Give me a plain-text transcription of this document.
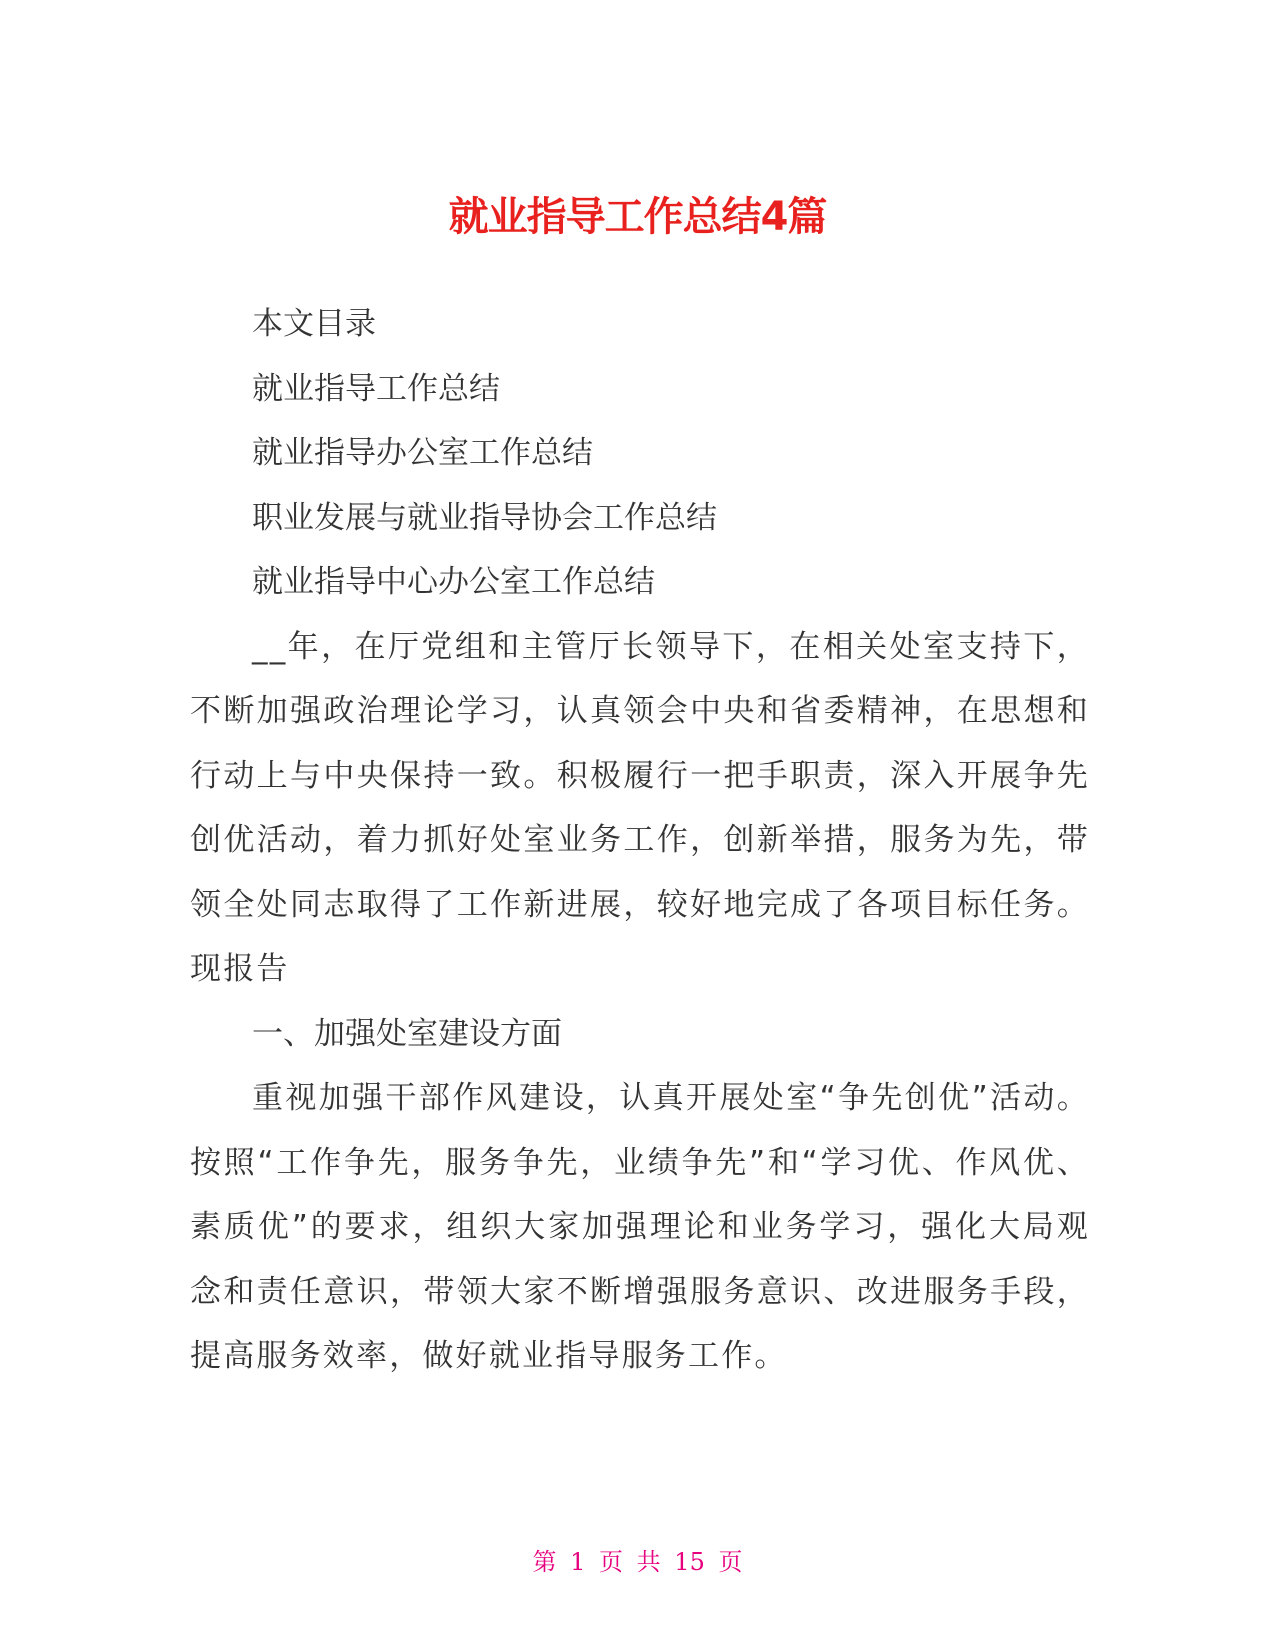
就业指导工作总结4篇

本文目录

就业指导工作总结

就业指导办公室工作总结

职业发展与就业指导协会工作总结

就业指导中心办公室工作总结

__年，在厅党组和主管厅长领导下，在相关处室支持下，不断加强政治理论学习，认真领会中央和省委精神，在思想和行动上与中央保持一致。积极履行一把手职责，深入开展争先创优活动，着力抓好处室业务工作，创新举措，服务为先，带领全处同志取得了工作新进展，较好地完成了各项目标任务。现报告

一、加强处室建设方面

重视加强干部作风建设，认真开展处室“争先创优”活动。按照“工作争先，服务争先，业绩争先”和“学习优、作风优、素质优”的要求，组织大家加强理论和业务学习，强化大局观念和责任意识，带领大家不断增强服务意识、改进服务手段，提高服务效率，做好就业指导服务工作。

第 1 页 共 15 页
